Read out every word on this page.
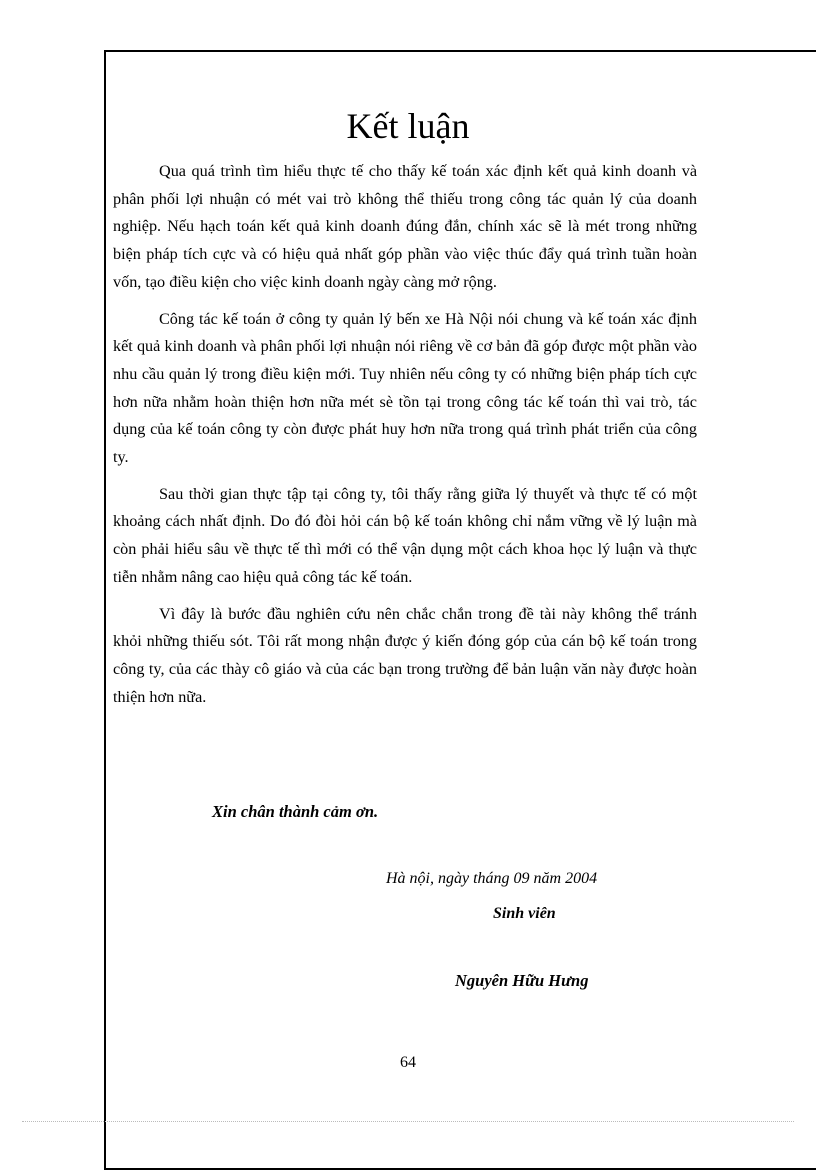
Kết luận

Qua quá trình tìm hiểu thực tế cho thấy kế toán xác định kết quả kinh doanh và phân phối lợi nhuận có mét vai trò không thể thiếu trong công tác quản lý của doanh nghiệp. Nếu hạch toán kết quả kinh doanh đúng đắn, chính xác sẽ là mét trong những biện pháp tích cực và có hiệu quả nhất góp phần vào việc thúc đẩy quá trình tuần hoàn vốn, tạo điều kiện cho việc kinh doanh ngày càng mở rộng.

Công tác kế toán ở công ty quản lý bến xe Hà Nội nói chung và kế toán xác định kết quả kinh doanh và phân phối lợi nhuận nói riêng về cơ bản đã góp được một phần vào nhu cầu quản lý trong điều kiện mới. Tuy nhiên nếu công ty có những biện pháp tích cực hơn nữa nhằm hoàn thiện hơn nữa mét sè tồn tại trong công tác kế toán thì vai trò, tác dụng của kế toán công ty còn được phát huy hơn nữa trong quá trình phát triển của công ty.

Sau thời gian thực tập tại công ty, tôi thấy rằng giữa lý thuyết và thực tế có một khoảng cách nhất định. Do đó đòi hỏi cán bộ kế toán không chỉ nắm vững về lý luận mà còn phải hiểu sâu về thực tế thì mới có thể vận dụng một cách khoa học lý luận và thực tiễn nhằm nâng cao hiệu quả công tác kế toán.

Vì đây là bước đầu nghiên cứu nên chắc chắn trong đề tài này không thể tránh khỏi những thiếu sót. Tôi rất mong nhận được ý kiến đóng góp của cán bộ kế toán trong công ty, của các thày cô giáo và của các bạn trong trường để bản luận văn này được hoàn thiện hơn nữa.

Xin chân thành cảm ơn.

Hà nội, ngày tháng 09 năm 2004

Sinh viên

Nguyên Hữu Hưng

64
